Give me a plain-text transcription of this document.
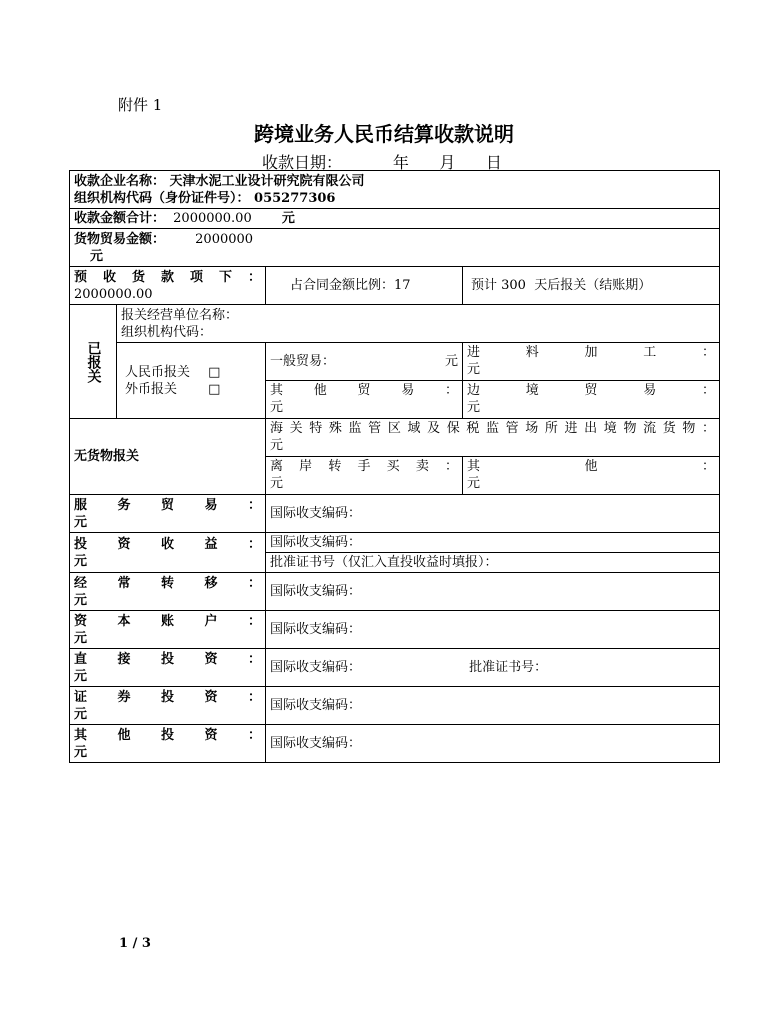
附件 1
跨境业务人民币结算收款说明
收款日期：          年      月      日
收款企业名称： 天津水泥工业设计研究院有限公司
组织机构代码（身份证件号）： 055277306			

收款金额合计： 2000000.00 元			

货物贸易金额： 2000000
元			

预 收 货 款 项 下 ：
2000000.00		占合同金额比例：17	预计 300  天后报关（结账期）

已报关	报关经营单位名称：
组织机构代码：		

	人民币报关 □
外币报关 □	一般贸易： 元	进 料 加 工 ：
元

		其 他 贸 易 ：
元	边 境 贸 易 ：
元

无货物报关		海关特殊监管区域及保税监管场所进出境物流货物：
元	

		离 岸 转 手 买 卖 ：
元	其 他 ：
元

服 务 贸 易 ：
元		国际收支编码：	

投 资 收 益 ：
元		国际收支编码：	
		批准证书号（仅汇入直投收益时填报）：	

经 常 转 移 ：
元		国际收支编码：	

资 本 账 户 ：
元		国际收支编码：	

直 接 投 资 ：
元		国际收支编码： 批准证书号：	

证 券 投 资 ：
元		国际收支编码：	

其 他 投 资 ：
元		国际收支编码：	
1 / 3
